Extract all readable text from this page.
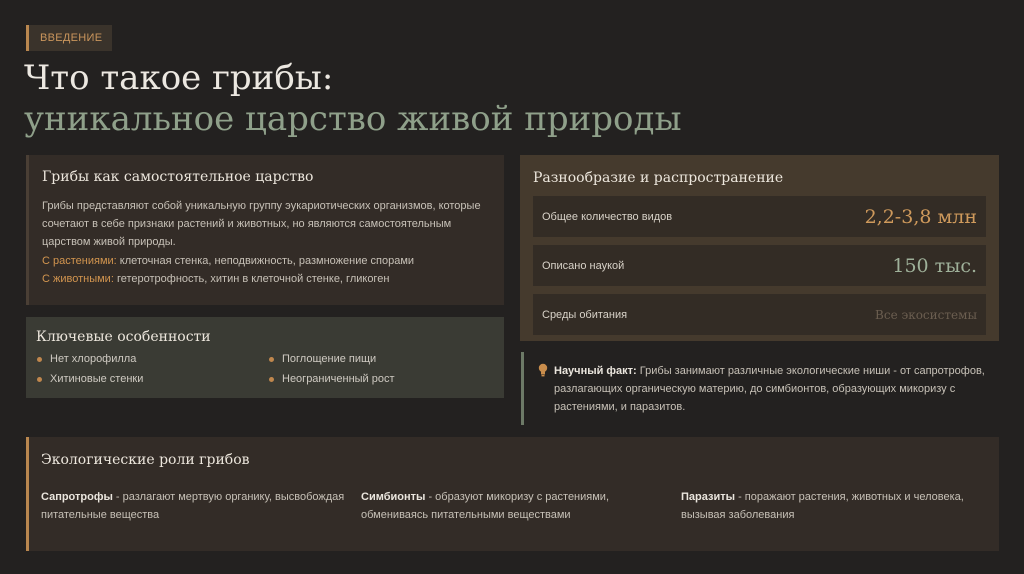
ВВЕДЕНИЕ
Что такое грибы:
уникальное царство живой природы
Грибы как самостоятельное царство

Грибы представляют собой уникальную группу эукариотических организмов, которые сочетают в себе признаки растений и животных, но являются самостоятельным царством живой природы.

С растениями: клеточная стенка, неподвижность, размножение спорами
С животными: гетеротрофность, хитин в клеточной стенке, гликоген
Ключевые особенности
Нет хлорофилла	Поглощение пищи
Хитиновые стенки	Неограниченный рост
Разнообразие и распространение
Общее количество видов	2,2-3,8 млн
Описано наукой	150 тыс.
Среды обитания	Все экосистемы
Научный факт: Грибы занимают различные экологические ниши - от сапротрофов, разлагающих органическую материю, до симбионтов, образующих микоризу с растениями, и паразитов.
Экологические роли грибов
Сапротрофы - разлагают мертвую органику, высвобождая питательные вещества
Симбионты - образуют микоризу с растениями, обмениваясь питательными веществами
Паразиты - поражают растения, животных и человека, вызывая заболевания
